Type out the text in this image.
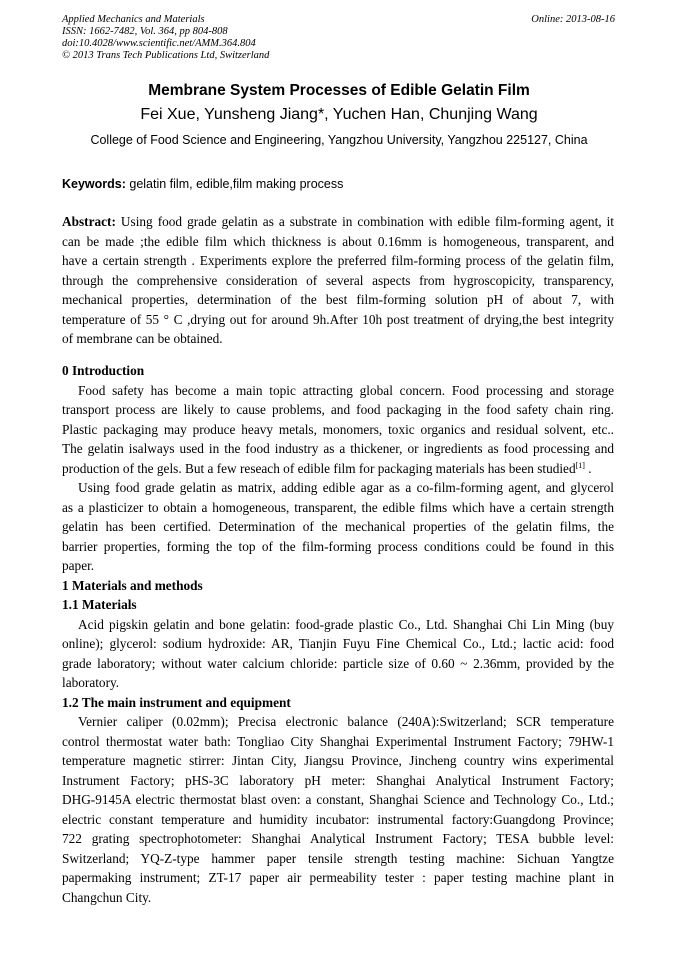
Applied Mechanics and Materials
ISSN: 1662-7482, Vol. 364, pp 804-808
doi:10.4028/www.scientific.net/AMM.364.804
© 2013 Trans Tech Publications Ltd, Switzerland
Online: 2013-08-16
Membrane System Processes of Edible Gelatin Film
Fei Xue, Yunsheng Jiang*, Yuchen Han, Chunjing Wang
College of Food Science and Engineering, Yangzhou University, Yangzhou 225127, China
Keywords: gelatin film, edible,film making process
Abstract: Using food grade gelatin as a substrate in combination with edible film-forming agent, it
can be made ;the edible film which thickness is about 0.16mm is homogeneous, transparent, and
have a certain strength . Experiments explore the preferred film-forming process of the gelatin film,
through the comprehensive consideration of several aspects from hygroscopicity, transparency,
mechanical properties, determination of the best film-forming solution pH of about 7, with
temperature of 55 ° C ,drying out for around 9h.After 10h post treatment of drying,the best integrity
of membrane can be obtained.
0 Introduction
Food safety has become a main topic attracting global concern. Food processing and storage
transport process are likely to cause problems, and food packaging in the food safety chain ring.
Plastic packaging may produce heavy metals, monomers, toxic organics and residual solvent, etc..
The gelatin isalways used in the food industry as a thickener, or ingredients as food processing and
production of the gels. But a few reseach of edible film for packaging materials has been studied[1] .
Using food grade gelatin as matrix, adding edible agar as a co-film-forming agent, and glycerol
as a plasticizer to obtain a homogeneous, transparent, the edible films which have a certain strength
gelatin has been certified. Determination of the mechanical properties of the gelatin films, the
barrier properties, forming the top of the film-forming process conditions could be found in this
paper.
1 Materials and methods
1.1 Materials
Acid pigskin gelatin and bone gelatin: food-grade plastic Co., Ltd. Shanghai Chi Lin Ming (buy
online); glycerol: sodium hydroxide: AR, Tianjin Fuyu Fine Chemical Co., Ltd.; lactic acid: food
grade laboratory; without water calcium chloride: particle size of 0.60 ~ 2.36mm, provided by the
laboratory.
1.2 The main instrument and equipment
Vernier caliper (0.02mm); Precisa electronic balance (240A):Switzerland; SCR temperature
control thermostat water bath: Tongliao City Shanghai Experimental Instrument Factory; 79HW-1
temperature magnetic stirrer: Jintan City, Jiangsu Province, Jincheng country wins experimental
Instrument Factory; pHS-3C laboratory pH meter: Shanghai Analytical Instrument Factory;
DHG-9145A electric thermostat blast oven: a constant, Shanghai Science and Technology Co., Ltd.;
electric constant temperature and humidity incubator: instrumental factory:Guangdong Province;
722 grating spectrophotometer: Shanghai Analytical Instrument Factory; TESA bubble level:
Switzerland; YQ-Z-type hammer paper tensile strength testing machine: Sichuan Yangtze
papermaking instrument; ZT-17 paper air permeability tester : paper testing machine plant in
Changchun City.
